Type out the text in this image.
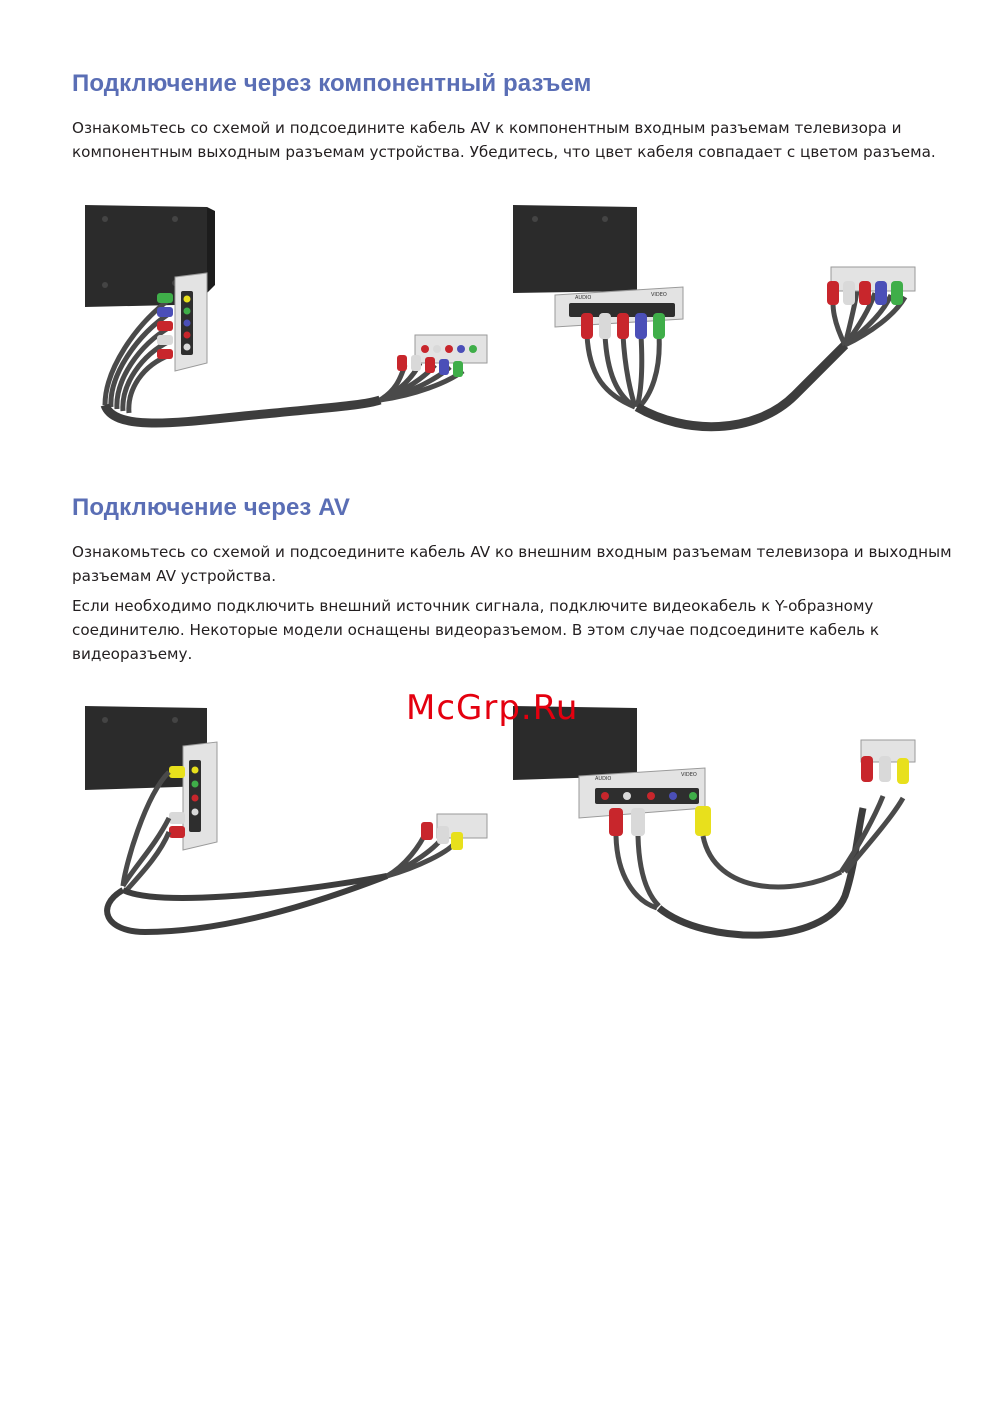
Подключение через компонентный разъем

Ознакомьтесь со схемой и подсоедините кабель AV к компонентным входным разъемам телевизора и
компонентным выходным разъемам устройства. Убедитесь, что цвет кабеля совпадает с цветом разъема.

AUDIO	VIDEO
Подключение через AV

Ознакомьтесь со схемой и подсоедините кабель AV ко внешним входным разъемам телевизора и выходным
разъемам AV устройства.

Если необходимо подключить внешний источник сигнала, подключите видеокабель к Y-образному
соединителю. Некоторые модели оснащены видеоразъемом. В этом случае подсоедините кабель к
видеоразъему.

AUDIO
VIDEO
McGrp.Ru
